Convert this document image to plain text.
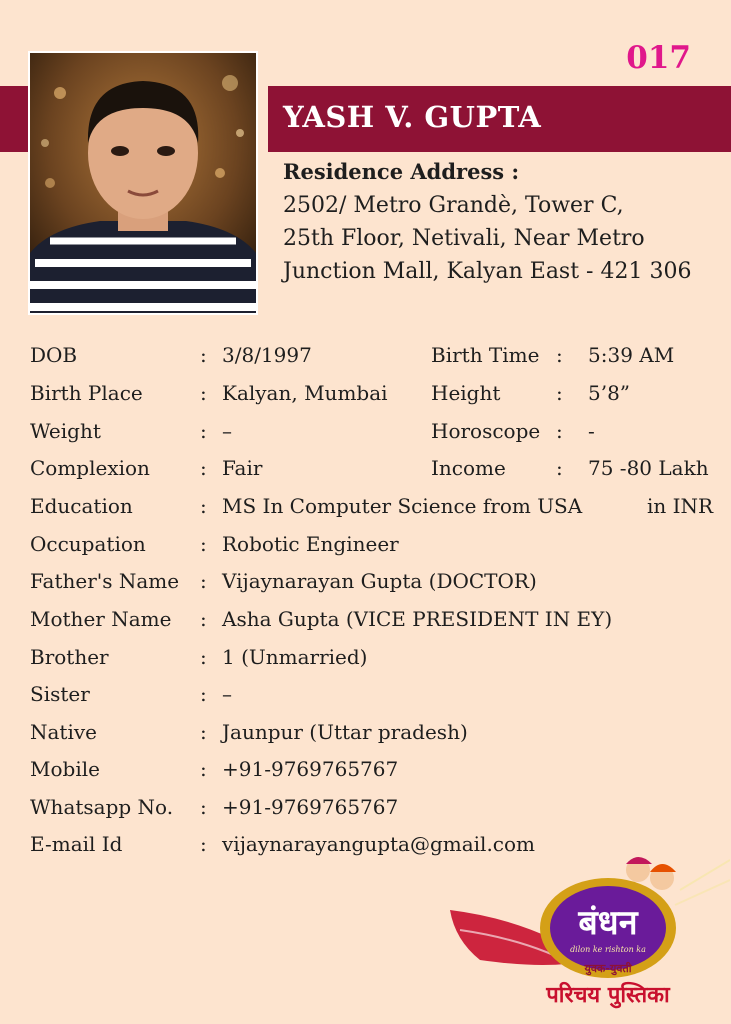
017
YASH V. GUPTA
Residence Address :
2502/ Metro Grandè, Tower C,
25th Floor, Netivali, Near Metro
Junction Mall, Kalyan East - 421 306
DOB	: 3/8/1997	Birth Time : 5:39 AM
Birth Place	: Kalyan, Mumbai Height	: 5’8”
Weight	: –	Horoscope : -
Complexion	: Fair	Income	: 75 -80 Lakh
Education	: MS In Computer Science from USA	in INR
Occupation	: Robotic Engineer
Father's Name : Vijaynarayan Gupta (DOCTOR)
Mother Name : Asha Gupta (VICE PRESIDENT IN EY)
Brother	: 1 (Unmarried)
Sister	: –
Native	: Jaunpur (Uttar pradesh)
Mobile	: +91-9769765767
Whatsapp No. : +91-9769765767
E-mail Id	: vijaynarayangupta@gmail.com
बंधन
dilon ke rishton ka
युवक-युवती
परिचय पुस्तिका
